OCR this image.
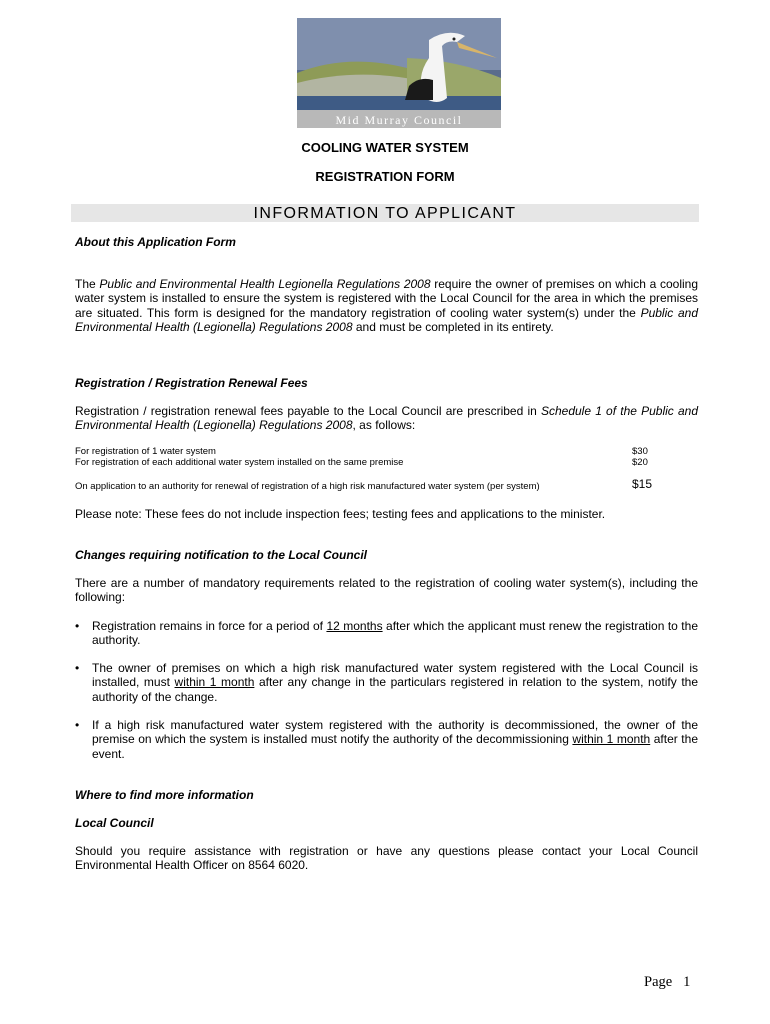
Mid Murray Council
COOLING WATER SYSTEM
REGISTRATION FORM
INFORMATION TO APPLICANT
About this Application Form
The Public and Environmental Health Legionella Regulations 2008 require the owner of premises on which a cooling water system is installed to ensure the system is registered with the Local Council for the area in which the premises are situated. This form is designed for the mandatory registration of cooling water system(s) under the Public and Environmental Health (Legionella) Regulations 2008 and must be completed in its entirety.
Registration / Registration Renewal Fees
Registration / registration renewal fees payable to the Local Council are prescribed in Schedule 1 of the Public and Environmental Health (Legionella) Regulations 2008, as follows:
For registration of 1 water system	$30
For registration of each additional water system installed on the same premise	$20
On application to an authority for renewal of registration of a high risk manufactured water system (per system)	$15
Please note: These fees do not include inspection fees; testing fees and applications to the minister.
Changes requiring notification to the Local Council
There are a number of mandatory requirements related to the registration of cooling water system(s), including the following:
• Registration remains in force for a period of 12 months after which the applicant must renew the registration to the authority.
• The owner of premises on which a high risk manufactured water system registered with the Local Council is installed, must within 1 month after any change in the particulars registered in relation to the system, notify the authority of the change.
• If a high risk manufactured water system registered with the authority is decommissioned, the owner of the premise on which the system is installed must notify the authority of the decommissioning within 1 month after the event.
Where to find more information
Local Council
Should you require assistance with registration or have any questions please contact your Local Council Environmental Health Officer on 8564 6020.
Page 1
